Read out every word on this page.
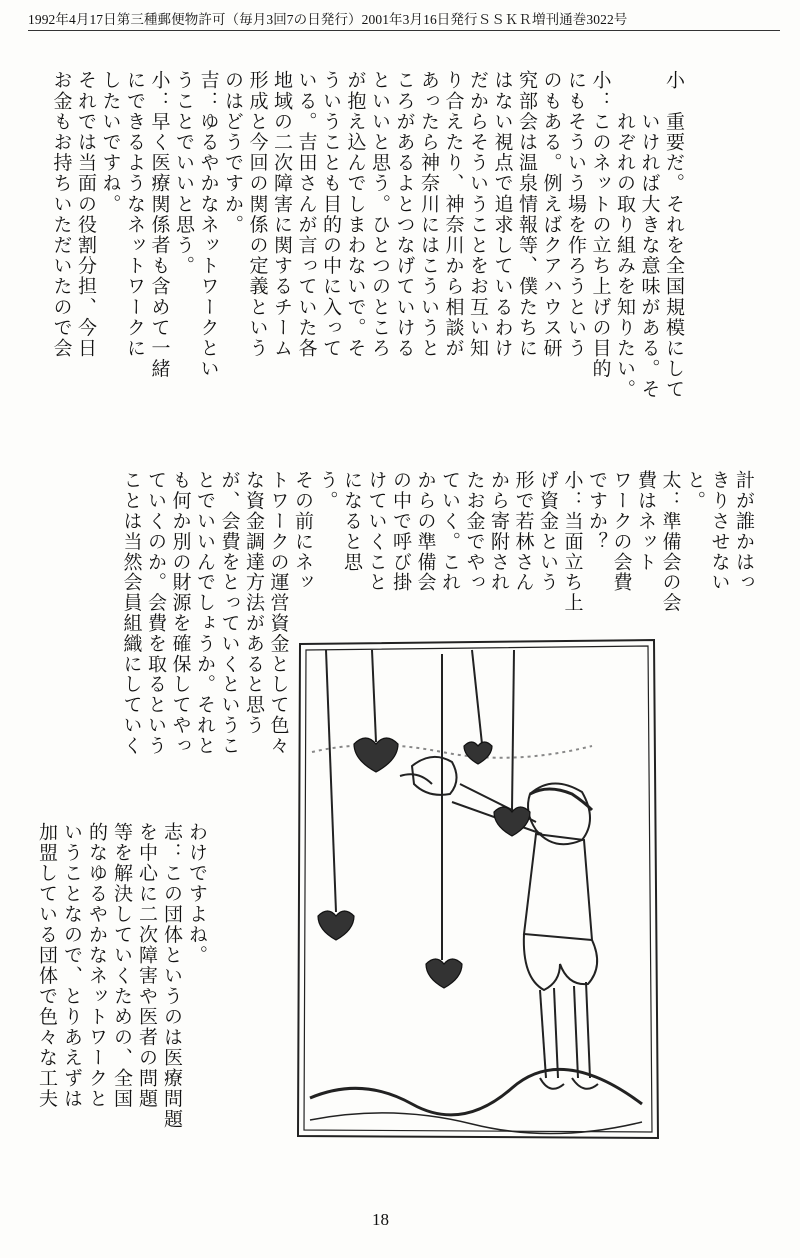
1992年4月17日第三種郵便物許可（毎月3回7の日発行）2001年3月16日発行ＳＳＫＲ増刊通巻3022号
小　重要だ。それを全国規模にして
　　いければ大きな意味がある。そ
　　れぞれの取り組みを知りたい。
小：このネットの立ち上げの目的
にもそういう場を作ろうという
のもある。例えばクアハウス研
究部会は温泉情報等、僕たちに
はない視点で追求しているわけ
だからそういうことをお互い知
り合えたり、神奈川から相談が
あったら神奈川にはこういうと
ころがあるよとつなげていける
といいと思う。ひとつのところ
が抱え込んでしまわないで。そ
ういうことも目的の中に入って
いる。吉田さんが言っていた各
地域の二次障害に関するチーム
形成と今回の関係の定義という
のはどうですか。
吉：ゆるやかなネットワークとい
うことでいいと思う。
小：早く医療関係者も含めて一緒
にできるようなネットワークに
したいですね。
それでは当面の役割分担、今日
お金もお持ちいただいたので会
計が誰かはっ
きりさせない
と。
太：準備会の会
費はネット
ワークの会費
ですか？
小：当面立ち上
げ資金という
形で若林さん
から寄附され
たお金でやっ
ていく。これ
からの準備会
の中で呼び掛
けていくこと
になると思
う。
その前にネッ
トワークの運営資金として色々
な資金調達方法があると思う
が、会費をとっていくというこ
とでいいんでしょうか。それと
も何か別の財源を確保してやっ
ていくのか。会費を取るという
ことは当然会員組織にしていく
わけですよね。
志：この団体というのは医療問題
を中心に二次障害や医者の問題
等を解決していくための、全国
的なゆるやかなネットワークと
いうことなので、とりあえずは
加盟している団体で色々な工夫
18
